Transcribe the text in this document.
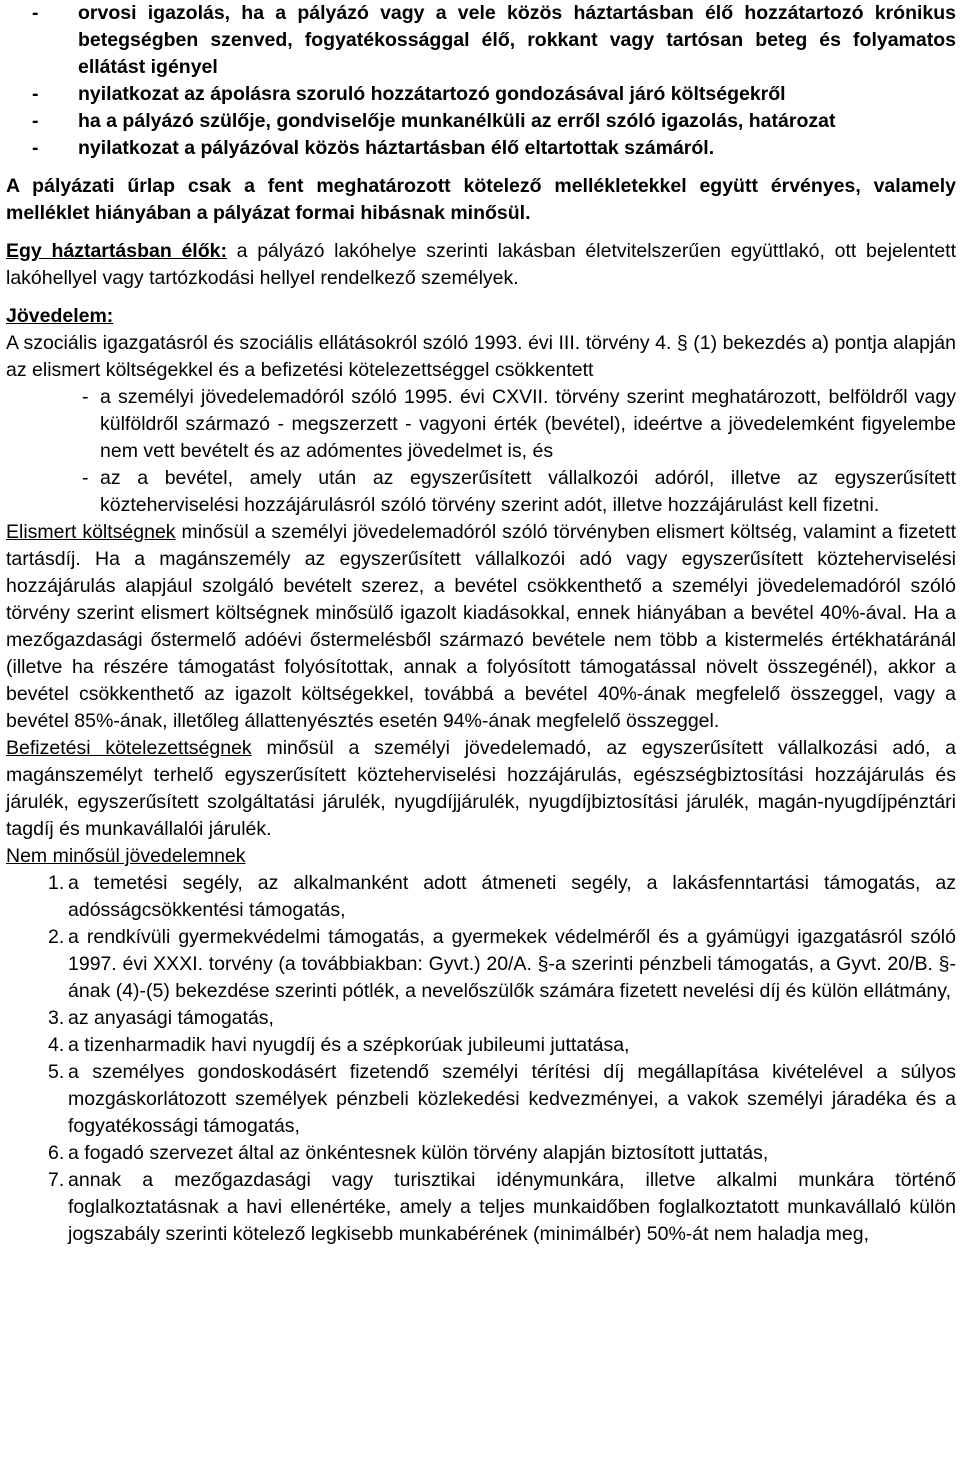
-
orvosi igazolás, ha a pályázó vagy a vele közös háztartásban élő hozzátartozó krónikus betegségben szenved, fogyatékossággal élő, rokkant vagy tartósan beteg és folyamatos ellátást igényel
-
nyilatkozat az ápolásra szoruló hozzátartozó gondozásával járó költségekről
-
ha a pályázó szülője, gondviselője munkanélküli az erről szóló igazolás, határozat
-
nyilatkozat a pályázóval közös háztartásban élő eltartottak számáról.

A pályázati űrlap csak a fent meghatározott kötelező mellékletekkel együtt érvényes, valamely melléklet hiányában a pályázat formai hibásnak minősül.

Egy háztartásban élők: a pályázó lakóhelye szerinti lakásban életvitelszerűen együttlakó, ott bejelentett lakóhellyel vagy tartózkodási hellyel rendelkező személyek.

Jövedelem:

A szociális igazgatásról és szociális ellátásokról szóló 1993. évi III. törvény 4. § (1) bekezdés a) pontja alapján az elismert költségekkel és a befizetési kötelezettséggel csökkentett

-
a személyi jövedelemadóról szóló 1995. évi CXVII. törvény szerint meghatározott, belföldről vagy külföldről származó - megszerzett - vagyoni érték (bevétel), ideértve a jövedelemként figyelembe nem vett bevételt és az adómentes jövedelmet is, és
-
az a bevétel, amely után az egyszerűsített vállalkozói adóról, illetve az egyszerűsített közteherviselési hozzájárulásról szóló törvény szerint adót, illetve hozzájárulást kell fizetni.

Elismert költségnek minősül a személyi jövedelemadóról szóló törvényben elismert költség, valamint a fizetett tartásdíj. Ha a magánszemély az egyszerűsített vállalkozói adó vagy egyszerűsített közteherviselési hozzájárulás alapjául szolgáló bevételt szerez, a bevétel csökkenthető a személyi jövedelemadóról szóló törvény szerint elismert költségnek minősülő igazolt kiadásokkal, ennek hiányában a bevétel 40%-ával. Ha a mezőgazdasági őstermelő adóévi őstermelésből származó bevétele nem több a kistermelés értékhatáránál (illetve ha részére támogatást folyósítottak, annak a folyósított támogatással növelt összegénél), akkor a bevétel csökkenthető az igazolt költségekkel, továbbá a bevétel 40%-ának megfelelő összeggel, vagy a bevétel 85%-ának, illetőleg állattenyésztés esetén 94%-ának megfelelő összeggel.

Befizetési kötelezettségnek minősül a személyi jövedelemadó, az egyszerűsített vállalkozási adó, a magánszemélyt terhelő egyszerűsített közteherviselési hozzájárulás, egészségbiztosítási hozzájárulás és járulék, egyszerűsített szolgáltatási járulék, nyugdíjjárulék, nyugdíjbiztosítási járulék, magán-nyugdíjpénztári tagdíj és munkavállalói járulék.

Nem minősül jövedelemnek

1. a temetési segély, az alkalmanként adott átmeneti segély, a lakásfenntartási támogatás, az adósságcsökkentési támogatás,
2. a rendkívüli gyermekvédelmi támogatás, a gyermekek védelméről és a gyámügyi igazgatásról szóló 1997. évi XXXI. torvény (a továbbiakban: Gyvt.) 20/A. §-a szerinti pénzbeli támogatás, a Gyvt. 20/B. §-ának (4)-(5) bekezdése szerinti pótlék, a nevelőszülők számára fizetett nevelési díj és külön ellátmány,
3. az anyasági támogatás,
4. a tizenharmadik havi nyugdíj és a szépkorúak jubileumi juttatása,
5. a személyes gondoskodásért fizetendő személyi térítési díj megállapítása kivételével a súlyos mozgáskorlátozott személyek pénzbeli közlekedési kedvezményei, a vakok személyi járadéka és a fogyatékossági támogatás,
6. a fogadó szervezet által az önkéntesnek külön törvény alapján biztosított juttatás,
7. annak a mezőgazdasági vagy turisztikai idénymunkára, illetve alkalmi munkára történő foglalkoztatásnak a havi ellenértéke, amely a teljes munkaidőben foglalkoztatott munkavállaló külön jogszabály szerinti kötelező legkisebb munkabérének (minimálbér) 50%-át nem haladja meg,
